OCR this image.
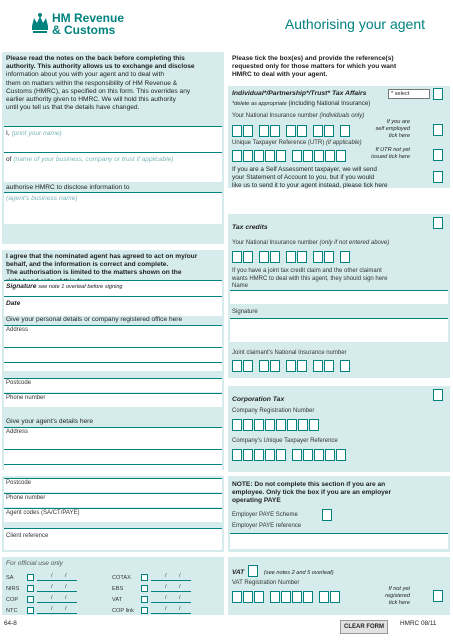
HM Revenue
& Customs	Authorising your agent
Please read the notes on the back before completing this
authority. This authority allows us to exchange and disclose
information about you with your agent and to deal with
them on matters within the responsibility of HM Revenue &
Customs (HMRC), as specified on this form. This overrides any
earlier authority given to HMRC. We will hold this authority
until you tell us that the details have changed.
I, (print your name)
of (name of your business, company or trust if applicable)
authorise HMRC to disclose information to
(agent's business name)
I agree that the nominated agent has agreed to act on my/our
behalf, and the information is correct and complete.
The authorisation is limited to the matters shown on the
Signature see note 1 overleaf before signing
Date
Give your personal details or company registered office here
Address
Postcode
Phone number
Give your agent's details here
Address
Postcode
Phone number
Agent codes (SA/CT/PAYE)
Client reference
For official use only
SA	/ /
NIRS	/ /
COP	/ /
NTC	/ /
COTAX	/ /
EBS	/ /
VAT	/ /
COP link	/ /
Please tick the box(es) and provide the reference(s)
requested only for those matters for which you want
HMRC to deal with your agent.
Individual*/Partnership*/Trust* Tax Affairs	* select
*delete as appropriate (including National Insurance)
Your National Insurance number (individuals only)
If you are
self employed
tick here
Unique Taxpayer Reference (UTR) (if applicable)
If UTR not yet
issued tick here
If you are a Self Assessment taxpayer, we will send
your Statement of Account to you, but if you would
like us to send it to your agent instead, please tick here
Tax credits
Your National Insurance number (only if not entered above)
If you have a joint tax credit claim and the other claimant
wants HMRC to deal with this agent, they should sign here
Name
Signature
Joint claimant's National Insurance number
Corporation Tax
Company Registration Number
Company's Unique Taxpayer Reference
NOTE: Do not complete this section if you are an
employee. Only tick the box if you are an employer
operating PAYE
Employer PAYE Scheme
Employer PAYE reference
VAT	(see notes 2 and 5 overleaf)
VAT Registration Number
If not yet
registered
tick here
64-8	CLEAR FORM	HMRC 08/11
